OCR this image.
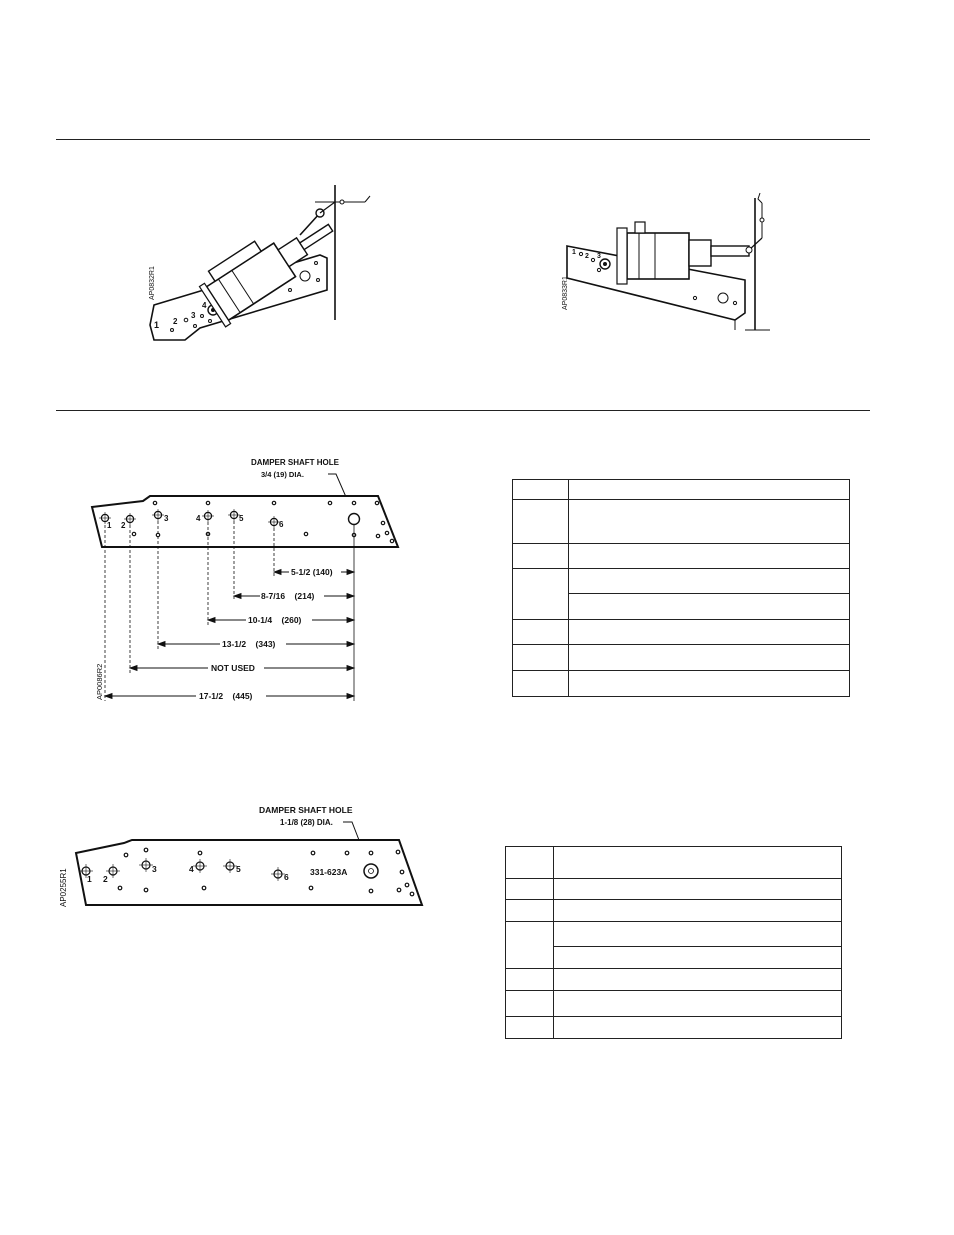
1 2
3
4
AP0832R1
1
2 3
AP0833R1
DAMPER SHAFT HOLE
3/4 (19) DIA.
5-1/2 (140)
8-7/16    (214)
10-1/4    (260)
13-1/2    (343)
NOT USED
17-1/2    (445)
1 2
3	4	5
6
AP0086R2

DAMPER SHAFT HOLE
1-1/8 (28) DIA.
331-623A
1 2
3	4	5
6
AP0255R1
